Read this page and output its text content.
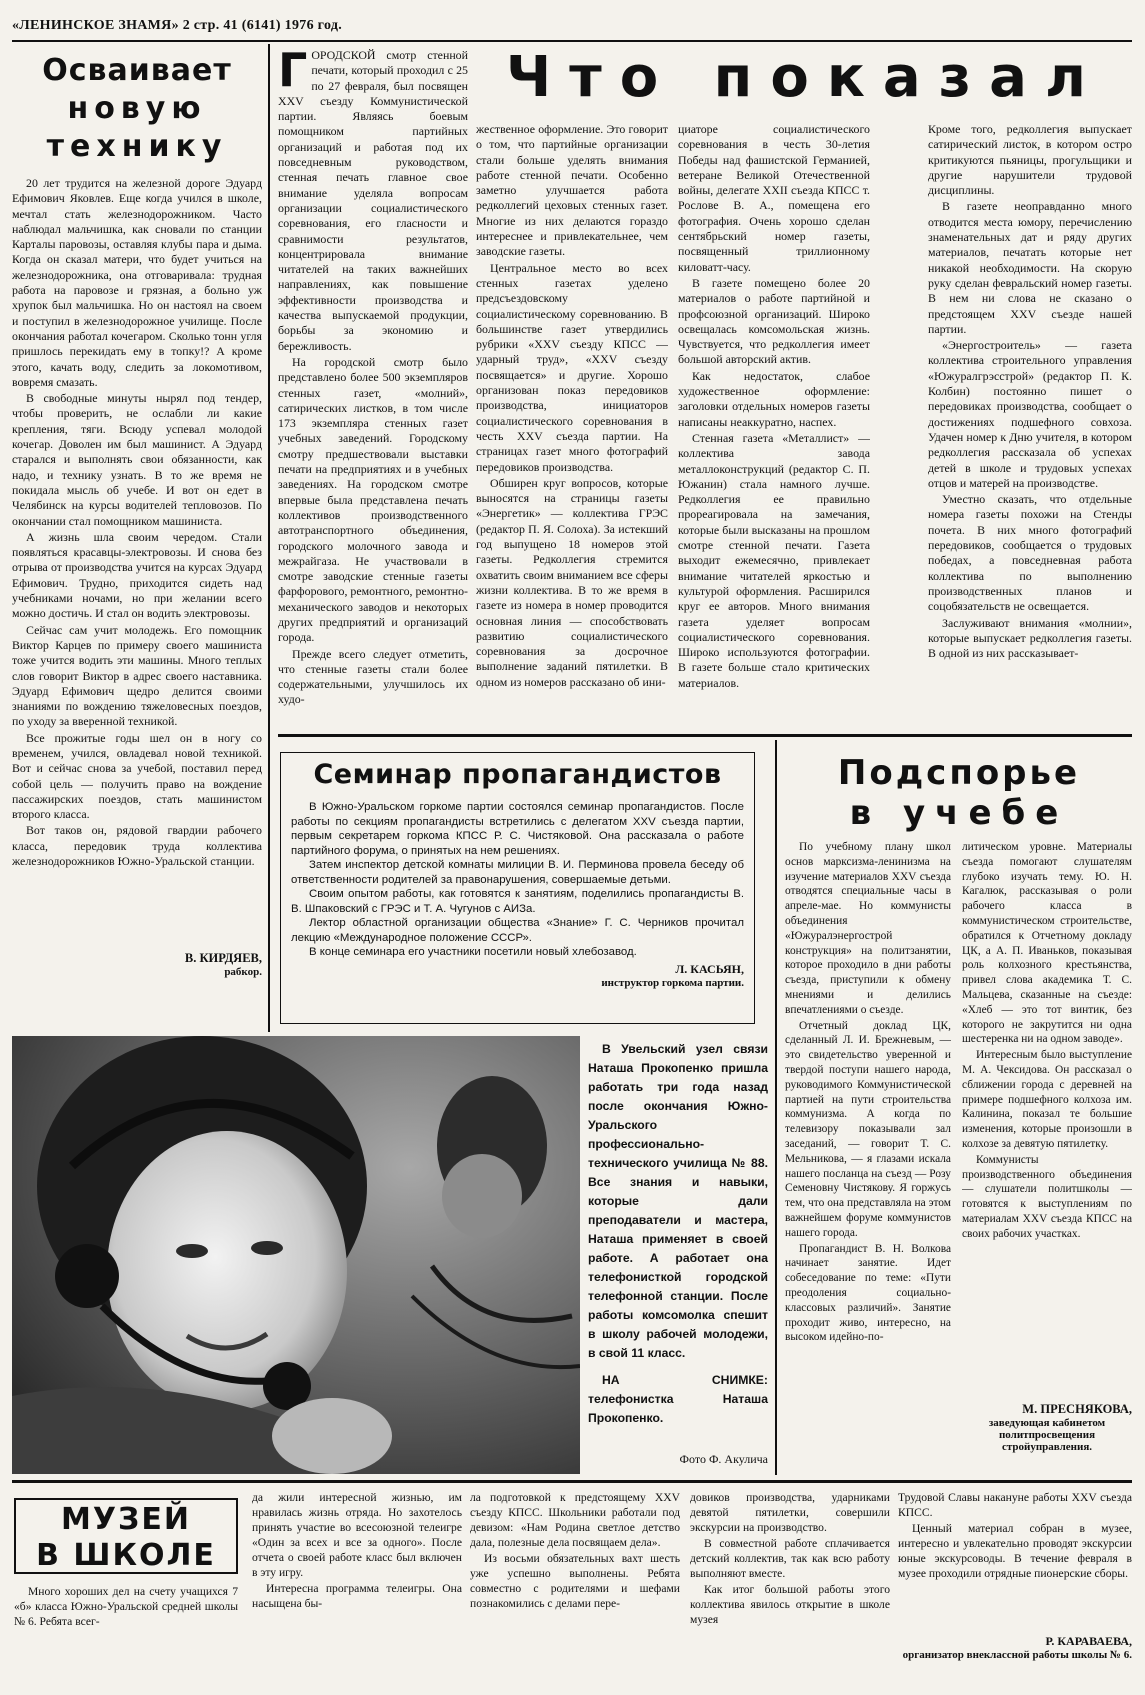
«ЛЕНИНСКОЕ ЗНАМЯ» 2 стр. 41 (6141) 1976 год.
Осваивает
новую
технику

20 лет трудится на железной дороге Эдуард Ефимович Яковлев. Еще когда учился в школе, мечтал стать железнодорожником. Часто наблюдал мальчишка, как сновали по станции Карталы паровозы, оставляя клубы пара и дыма. Когда он сказал матери, что будет учиться на железнодорожника, она отговаривала: трудная работа на паровозе и грязная, а больно уж хрупок был мальчишка. Но он настоял на своем и поступил в железнодорожное училище. После окончания работал кочегаром. Сколько тонн угля пришлось перекидать ему в топку!? А кроме этого, качать воду, следить за локомотивом, вовремя смазать.

В свободные минуты нырял под тендер, чтобы проверить, не ослабли ли какие крепления, тяги. Всюду успевал молодой кочегар. Доволен им был машинист. А Эдуард старался и выполнять свои обязанности, как надо, и технику узнать. В то же время не покидала мысль об учебе. И вот он едет в Челябинск на курсы водителей тепловозов. По окончании стал помощником машиниста.

А жизнь шла своим чередом. Стали появляться красавцы-электровозы. И снова без отрыва от производства учится на курсах Эдуард Ефимович. Трудно, приходится сидеть над учебниками ночами, но при желании всего можно достичь. И стал он водить электровозы.

Сейчас сам учит молодежь. Его помощник Виктор Карцев по примеру своего машиниста тоже учится водить эти машины. Много теплых слов говорит Виктор в адрес своего наставника. Эдуард Ефимович щедро делится своими знаниями по вождению тяжеловесных поездов, по уходу за вверенной техникой.

Все прожитые годы шел он в ногу со временем, учился, овладевал новой техникой. Вот и сейчас снова за учебой, поставил перед собой цель — получить право на вождение пассажирских поездов, стать машинистом второго класса.

Вот таков он, рядовой гвардии рабочего класса, передовик труда коллектива железнодорожников Южно-Уральской станции.

В. КИРДЯЕВ,
рабкор.
Г ОРОДСКОЙ смотр стенной печати, который проходил с 25 по 27 февраля, был посвящен XXV съезду Коммунистической партии. Являясь боевым помощником партийных организаций и работая под их повседневным руководством, стенная печать главное свое внимание уделяла вопросам организации социалистического соревнования, его гласности и сравнимости результатов, концентрировала внимание читателей на таких важнейших направлениях, как повышение эффективности производства и качества выпускаемой продукции, борьбы за экономию и бережливость.

На городской смотр было представлено более 500 экземпляров стенных газет, «молний», сатирических листков, в том числе 173 экземпляра стенных газет учебных заведений. Городскому смотру предшествовали выставки печати на предприятиях и в учебных заведениях. На городском смотре впервые была представлена печать коллективов производственного автотранспортного объединения, городского молочного завода и межрайгаза. Не участвовали в смотре заводские стенные газеты фарфорового, ремонтного, ремонтно-механического заводов и некоторых других предприятий и организаций города.

Прежде всего следует отметить, что стенные газеты стали более содержательными, улучшилось их худо-

Что показал

жественное оформление. Это говорит о том, что партийные организации стали больше уделять внимания работе стенной печати. Особенно заметно улучшается работа редколлегий цеховых стенных газет. Многие из них делаются гораздо интереснее и привлекательнее, чем заводские газеты.

Центральное место во всех стенных газетах уделено предсъездовскому социалистическому соревнованию. В большинстве газет утвердились рубрики «XXV съезду КПСС — ударный труд», «XXV съезду посвящается» и другие. Хорошо организован показ передовиков производства, инициаторов социалистического соревнования в честь XXV съезда партии. На страницах газет много фотографий передовиков производства.

Обширен круг вопросов, которые выносятся на страницы газеты «Энергетик» — коллектива ГРЭС (редактор П. Я. Солоха). За истекший год выпущено 18 номеров этой газеты. Редколлегия стремится охватить своим вниманием все сферы жизни коллектива. В то же время в газете из номера в номер проводится основная линия — способствовать развитию социалистического соревнования за досрочное выполнение заданий пятилетки. В одном из номеров рассказано об ини-

циаторе социалистического соревнования в честь 30-летия Победы над фашистской Германией, ветеране Великой Отечественной войны, делегате XXII съезда КПСС т. Рослове В. А., помещена его фотография. Очень хорошо сделан сентябрьский номер газеты, посвященный триллионному киловатт-часу.

В газете помещено более 20 материалов о работе партийной и профсоюзной организаций. Широко освещалась комсомольская жизнь. Чувствуется, что редколлегия имеет большой авторский актив.

Как недостаток, слабое художественное оформление: заголовки отдельных номеров газеты написаны неаккуратно, наспех.

Стенная газета «Металлист» — коллектива завода металлоконструкций (редактор С. П. Южанин) стала намного лучше. Редколлегия ее правильно прореагировала на замечания, которые были высказаны на прошлом смотре стенной печати. Газета выходит ежемесячно, привлекает внимание читателей яркостью и культурой оформления. Расширился круг ее авторов. Много внимания газета уделяет вопросам социалистического соревнования. Широко используются фотографии. В газете больше стало критических материалов.

Кроме того, редколлегия выпускает сатирический листок, в котором остро критикуются пьяницы, прогульщики и другие нарушители трудовой дисциплины.

В газете неоправданно много отводится места юмору, перечислению знаменательных дат и ряду других материалов, печатать которые нет никакой необходимости. На скорую руку сделан февральский номер газеты. В нем ни слова не сказано о предстоящем XXV съезде нашей партии.

«Энергостроитель» — газета коллектива строительного управления «Южуралгрэсстрой» (редактор П. К. Колбин) постоянно пишет о передовиках производства, сообщает о достижениях подшефного совхоза. Удачен номер к Дню учителя, в котором редколлегия рассказала об успехах детей в школе и трудовых успехах отцов и матерей на производстве.

Уместно сказать, что отдельные номера газеты похожи на Стенды почета. В них много фотографий передовиков, сообщается о трудовых победах, а повседневная работа коллектива по выполнению производственных планов и соцобязательств не освещается.

Заслуживают внимания «молнии», которые выпускает редколлегия газеты. В одной из них рассказывает-

Семинар пропагандистов

В Южно-Уральском горкоме партии состоялся семинар пропагандистов. После работы по секциям пропагандисты встретились с делегатом XXV съезда партии, первым секретарем горкома КПСС Р. С. Чистяковой. Она рассказала о работе партийного форума, о принятых на нем решениях.

Затем инспектор детской комнаты милиции В. И. Перминова провела беседу об ответственности родителей за правонарушения, совершаемые детьми.

Своим опытом работы, как готовятся к занятиям, поделились пропагандисты В. В. Шпаковский с ГРЭС и Т. А. Чугунов с АИЗа.

Лектор областной организации общества «Знание» Г. С. Черников прочитал лекцию «Международное положение СССР».

В конце семинара его участники посетили новый хлебозавод.

Л. КАСЬЯН,
инструктор горкома партии.
Подспорье
в учебе

По учебному плану школ основ марксизма-ленинизма на изучение материалов XXV съезда отводятся специальные часы в апреле-мае. Но коммунисты объединения «Южуралэнергострой конструкция» на политзанятии, которое проходило в дни работы съезда, приступили к обмену мнениями и делились впечатлениями о съезде.

Отчетный доклад ЦК, сделанный Л. И. Брежневым, — это свидетельство уверенной и твердой поступи нашего народа, руководимого Коммунистической партией на пути строительства коммунизма. А когда по телевизору показывали зал заседаний, — говорит Т. С. Мельникова, — я глазами искала нашего посланца на съезд — Розу Семеновну Чистякову. Я горжусь тем, что она представляла на этом важнейшем форуме коммунистов нашего города.

Пропагандист В. Н. Волкова начинает занятие. Идет собеседование по теме: «Пути преодоления социально-классовых различий». Занятие проходит живо, интересно, на высоком идейно-по-

литическом уровне. Материалы съезда помогают слушателям глубоко изучать тему. Ю. Н. Кагалюк, рассказывая о роли рабочего класса в коммунистическом строительстве, обратился к Отчетному докладу ЦК, а А. П. Иваньков, показывая роль колхозного крестьянства, привел слова академика Т. С. Мальцева, сказанные на съезде: «Хлеб — это тот винтик, без которого не закрутится ни одна шестеренка ни на одном заводе».

Интересным было выступление М. А. Чексидова. Он рассказал о сближении города с деревней на примере подшефного колхоза им. Калинина, показал те большие изменения, которые произошли в колхозе за девятую пятилетку.

Коммунисты производственного объединения — слушатели политшколы — готовятся к выступлениям по материалам XXV съезда КПСС на своих рабочих участках.

М. ПРЕСНЯКОВА,
заведующая кабинетом политпросвещения стройуправления.

В Увельский узел связи Наташа Прокопенко пришла работать три года назад после окончания Южно-Уральского профессионально-технического училища № 88. Все знания и навыки, которые дали преподаватели и мастера, Наташа применяет в своей работе. А работает она телефонисткой городской телефонной станции. После работы комсомолка спешит в школу рабочей молодежи, в свой 11 класс.

НА СНИМКЕ: телефонистка Наташа Прокопенко.

Фото Ф. Акулича
МУЗЕЙ
В ШКОЛЕ

Много хороших дел на счету учащихся 7 «б» класса Южно-Уральской средней школы № 6. Ребята всег-

да жили интересной жизнью, им нравилась жизнь отряда. Но захотелось принять участие во всесоюзной телеигре «Один за всех и все за одного». После отчета о своей работе класс был включен в эту игру.

Интересна программа телеигры. Она насыщена бы-

ла подготовкой к предстоящему XXV съезду КПСС. Школьники работали под девизом: «Нам Родина светлое детство дала, полезные дела посвящаем дела».

Из восьми обязательных вахт шесть уже успешно выполнены. Ребята совместно с родителями и шефами познакомились с делами пере-

довиков производства, ударниками девятой пятилетки, совершили экскурсии на производство.

В совместной работе сплачивается детский коллектив, так как всю работу выполняют вместе.

Как итог большой работы этого коллектива явилось открытие в школе музея

Трудовой Славы накануне работы XXV съезда КПСС.

Ценный материал собран в музее, интересно и увлекательно проводят экскурсии юные экскурсоводы. В течение февраля в музее проходили отрядные пионерские сборы.

Р. КАРАВАЕВА,
организатор внеклассной работы школы № 6.
